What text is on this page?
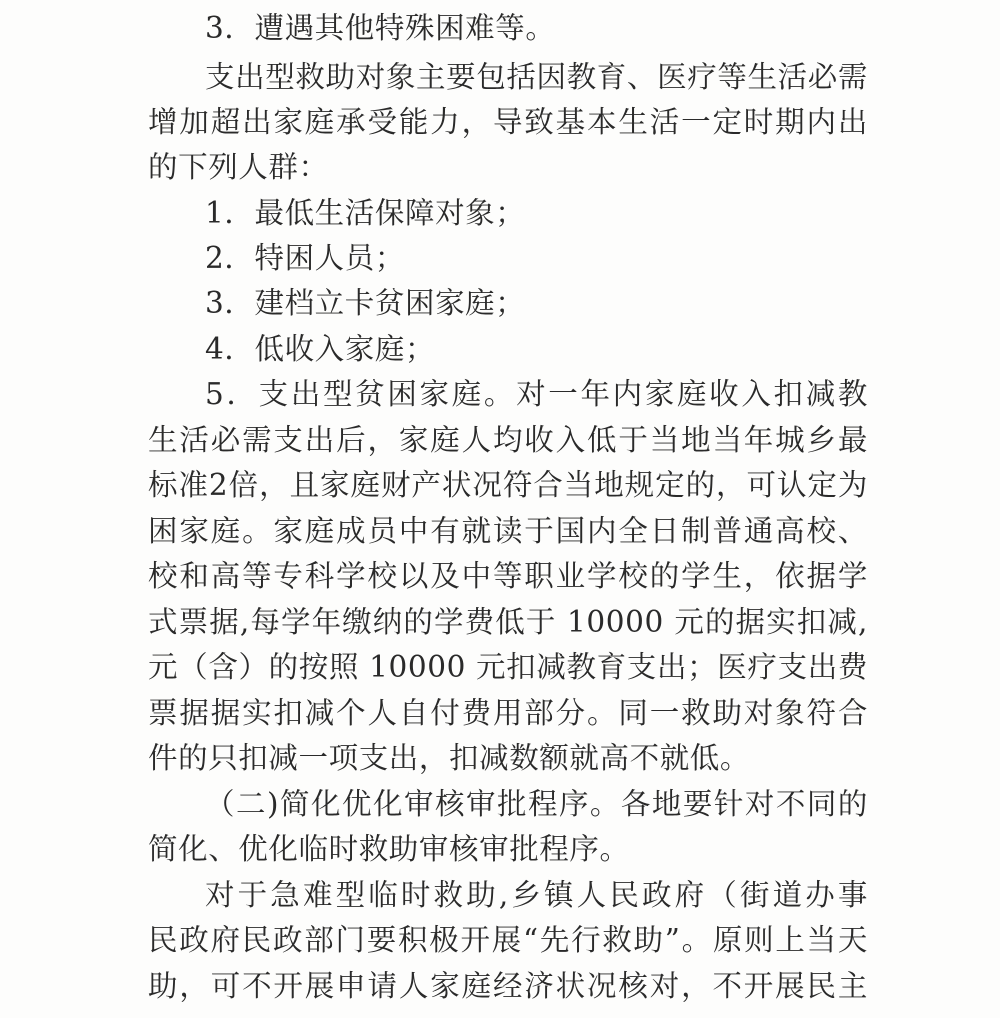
3．遭遇其他特殊困难等。
支出型救助对象主要包括因教育、医疗等生活必需
增加超出家庭承受能力，导致基本生活一定时期内出
的下列人群：
1．最低生活保障对象；
2．特困人员；
3．建档立卡贫困家庭；
4．低收入家庭；
5．支出型贫困家庭。对一年内家庭收入扣减教
生活必需支出后，家庭人均收入低于当地当年城乡最
标准2倍，且家庭财产状况符合当地规定的，可认定为
困家庭。家庭成员中有就读于国内全日制普通高校、
校和高等专科学校以及中等职业学校的学生，依据学
式票据,每学年缴纳的学费低于 10000 元的据实扣减,
元（含）的按照 10000 元扣减教育支出；医疗支出费
票据据实扣减个人自付费用部分。同一救助对象符合
件的只扣减一项支出，扣减数额就高不就低。
（二)简化优化审核审批程序。各地要针对不同的
简化、优化临时救助审核审批程序。
对于急难型临时救助,乡镇人民政府（街道办事
民政府民政部门要积极开展“先行救助”。原则上当天
助，可不开展申请人家庭经济状况核对，不开展民主
